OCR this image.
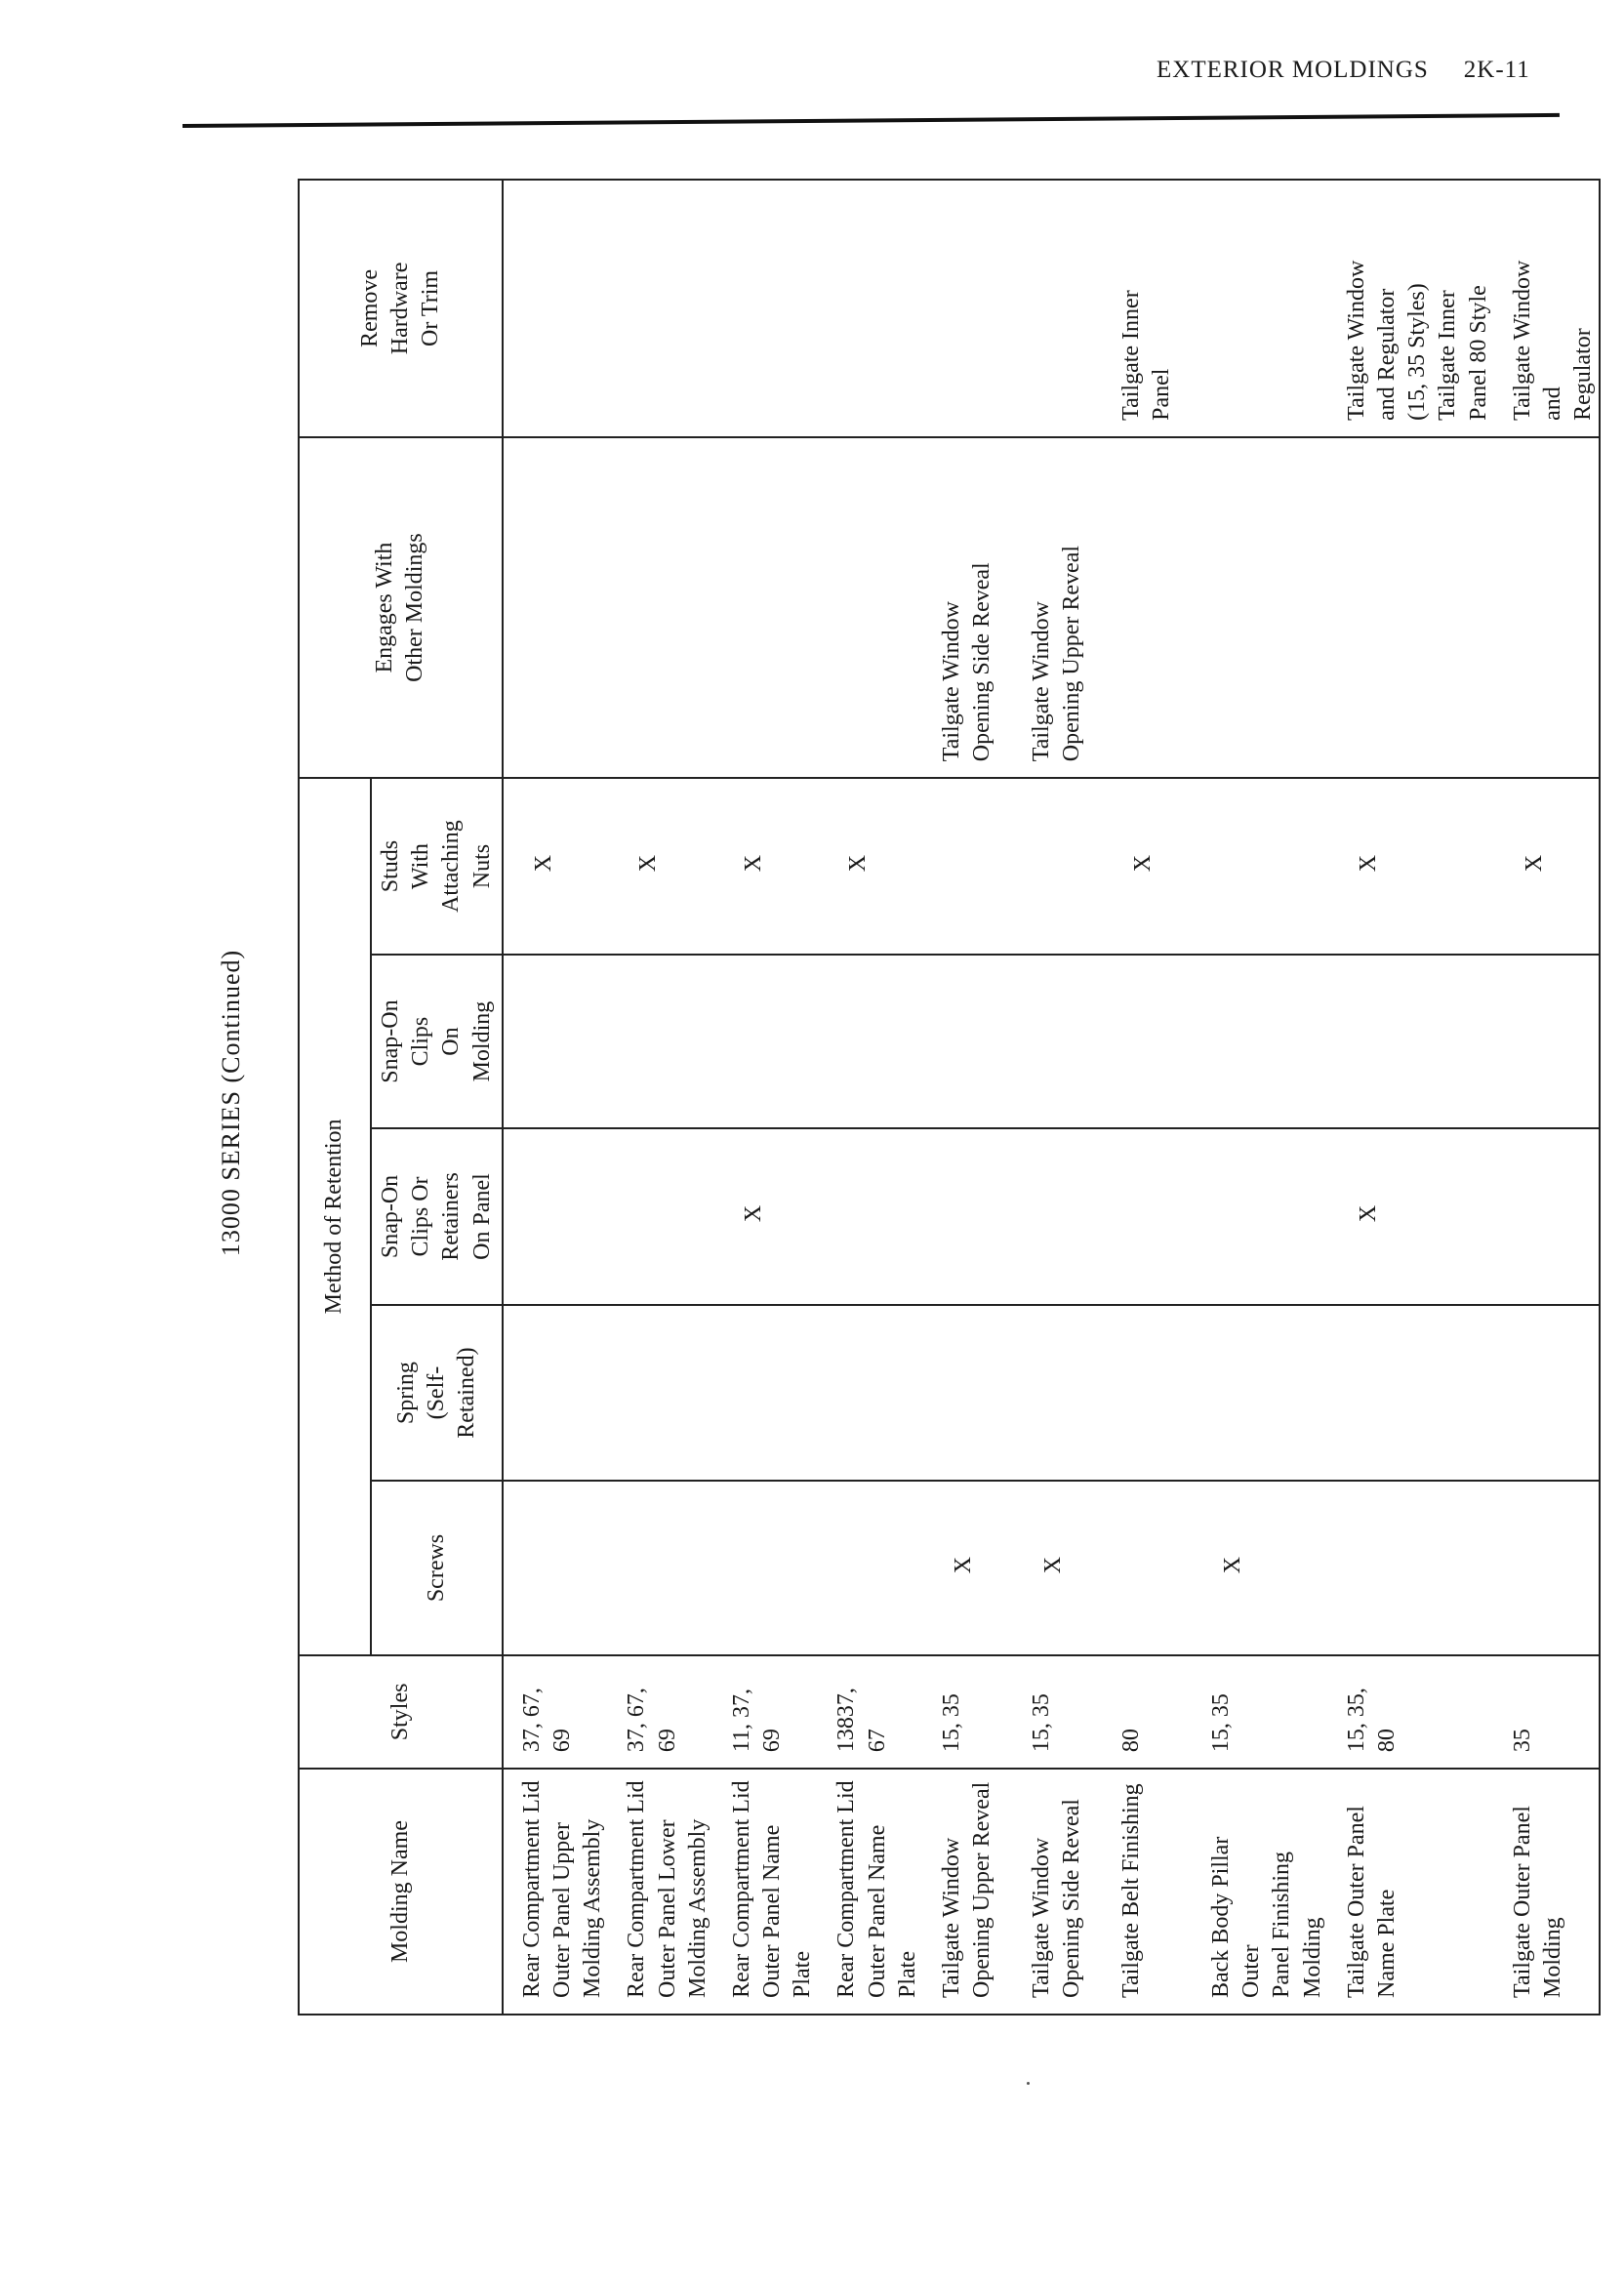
EXTERIOR MOLDINGS 2K-11
13000 SERIES (Continued)
Molding Name	Styles	Method of Retention					Engages With Other Moldings	Remove Hardware Or Trim

		Screws	Spring (Self- Retained)	Snap-On Clips Or Retainers On Panel	Snap-On Clips On Molding	Studs With Attaching Nuts		

Rear Compartment Lid Outer Panel Upper Molding Assembly	37, 67, 69					X		

Rear Compartment Lid Outer Panel Lower Molding Assembly	37, 67, 69					X		

Rear Compartment Lid Outer Panel Name Plate	11, 37, 69			X		X		

Rear Compartment Lid Outer Panel Name Plate	13837, 67					X		

Tailgate Window Opening Upper Reveal	15, 35	X					Tailgate Window Opening Side Reveal	

Tailgate Window Opening Side Reveal	15, 35	X					Tailgate Window Opening Upper Reveal	

Tailgate Belt Finishing	80					X		Tailgate Inner Panel

Back Body Pillar Outer Panel Finishing Molding	15, 35	X						

Tailgate Outer Panel Name Plate	15, 35, 80			X		X		Tailgate Window and Regulator (15, 35 Styles) Tailgate Inner Panel 80 Style

Tailgate Outer Panel Molding	35					X		Tailgate Window and Regulator
